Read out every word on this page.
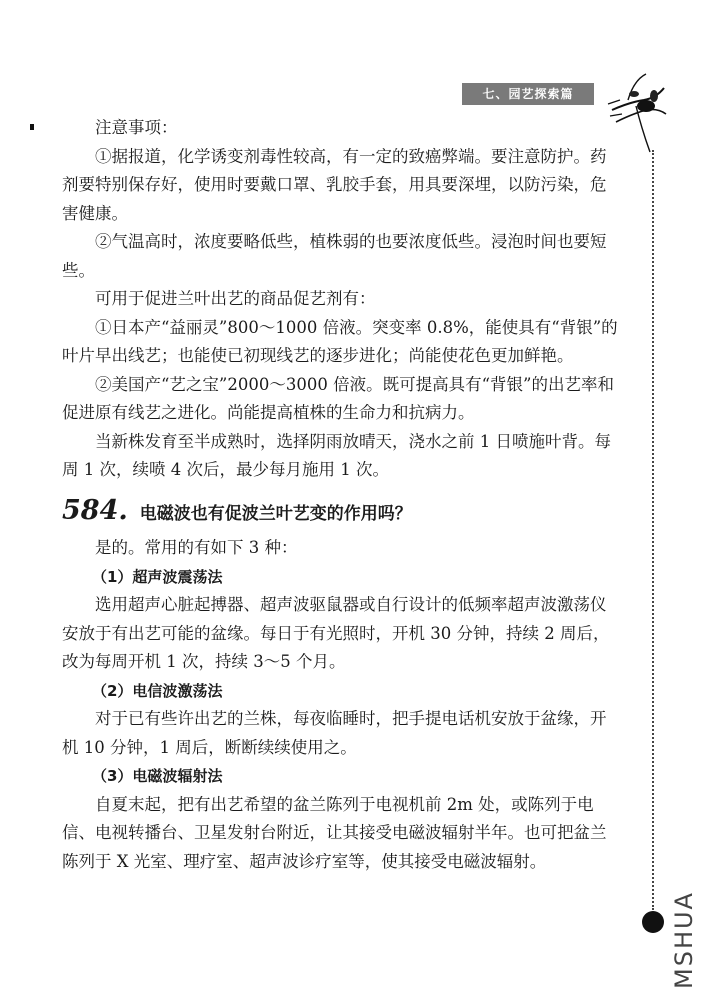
七、园艺探索篇
MSHUA

注意事项：

①据报道，化学诱变剂毒性较高，有一定的致癌弊端。要注意防护。药剂要特别保存好，使用时要戴口罩、乳胶手套，用具要深埋，以防污染，危害健康。

②气温高时，浓度要略低些，植株弱的也要浓度低些。浸泡时间也要短些。

可用于促进兰叶出艺的商品促艺剂有：

①日本产“益丽灵”800～1000 倍液。突变率 0.8%，能使具有“背银”的叶片早出线艺；也能使已初现线艺的逐步进化；尚能使花色更加鲜艳。

②美国产“艺之宝”2000～3000 倍液。既可提高具有“背银”的出艺率和促进原有线艺之进化。尚能提高植株的生命力和抗病力。

当新株发育至半成熟时，选择阴雨放晴天，浇水之前 1 日喷施叶背。每周 1 次，续喷 4 次后，最少每月施用 1 次。

584. 电磁波也有促波兰叶艺变的作用吗？

是的。常用的有如下 3 种：

（1）超声波震荡法

选用超声心脏起搏器、超声波驱鼠器或自行设计的低频率超声波激荡仪安放于有出艺可能的盆缘。每日于有光照时，开机 30 分钟，持续 2 周后，改为每周开机 1 次，持续 3～5 个月。

（2）电信波激荡法

对于已有些许出艺的兰株，每夜临睡时，把手提电话机安放于盆缘，开机 10 分钟，1 周后，断断续续使用之。

（3）电磁波辐射法

自夏末起，把有出艺希望的盆兰陈列于电视机前 2m 处，或陈列于电信、电视转播台、卫星发射台附近，让其接受电磁波辐射半年。也可把盆兰陈列于 X 光室、理疗室、超声波诊疗室等，使其接受电磁波辐射。
